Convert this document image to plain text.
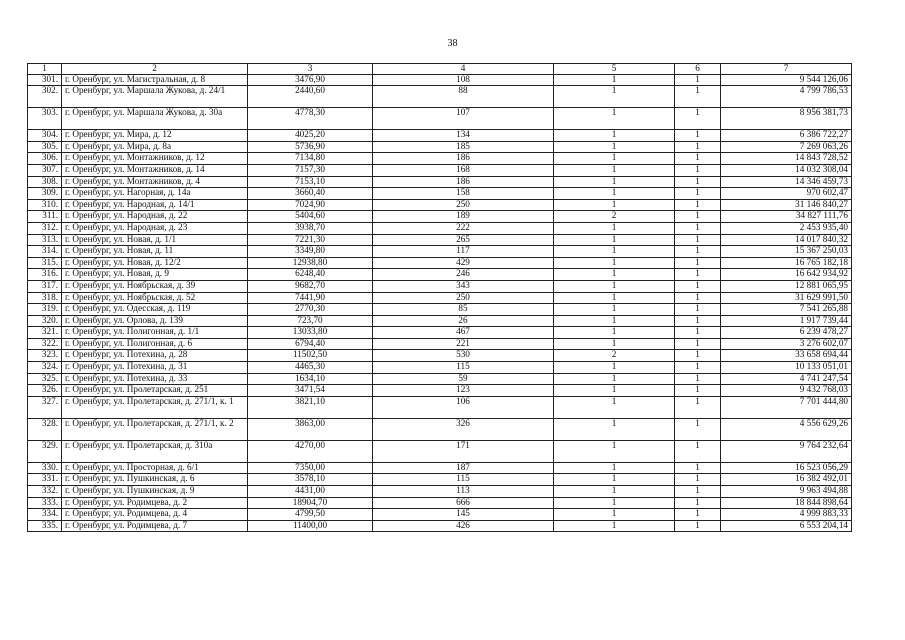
38
1	2	3	4	5	6	7
301.	г. Оренбург, ул. Магистральная, д. 8	3476,90	108	1	1	9 544 126,06
302.	г. Оренбург, ул. Маршала Жукова, д. 24/1	2440,60	88	1	1	4 799 786,53
303.	г. Оренбург, ул. Маршала Жукова, д. 30а	4778,30	107	1	1	8 956 381,73
304.	г. Оренбург, ул. Мира, д. 12	4025,20	134	1	1	6 386 722,27
305.	г. Оренбург, ул. Мира, д. 8а	5736,90	185	1	1	7 269 063,26
306.	г. Оренбург, ул. Монтажников, д. 12	7134,80	186	1	1	14 843 728,52
307.	г. Оренбург, ул. Монтажников, д. 14	7157,30	168	1	1	14 032 308,04
308.	г. Оренбург, ул. Монтажников, д. 4	7153,10	186	1	1	14 346 459,73
309.	г. Оренбург, ул. Нагорная, д. 14а	3660,40	158	1	1	970 602,47
310.	г. Оренбург, ул. Народная, д. 14/1	7024,90	250	1	1	31 146 840,27
311.	г. Оренбург, ул. Народная, д. 22	5404,60	189	2	1	34 827 111,76
312.	г. Оренбург, ул. Народная, д. 23	3938,70	222	1	1	2 453 935,40
313.	г. Оренбург, ул. Новая, д. 1/1	7221,30	265	1	1	14 017 840,32
314.	г. Оренбург, ул. Новая, д. 11	3349,80	117	1	1	15 367 250,03
315.	г. Оренбург, ул. Новая, д. 12/2	12938,80	429	1	1	16 765 182,18
316.	г. Оренбург, ул. Новая, д. 9	6248,40	246	1	1	16 642 934,92
317.	г. Оренбург, ул. Ноябрьская, д. 39	9682,70	343	1	1	12 881 065,95
318.	г. Оренбург, ул. Ноябрьская, д. 52	7441,90	250	1	1	31 629 991,50
319.	г. Оренбург, ул. Одесская, д. 119	2770,30	85	1	1	7 541 265,88
320.	г. Оренбург, ул. Орлова, д. 139	723,70	26	1	1	1 917 739,44
321.	г. Оренбург, ул. Полигонная, д. 1/1	13033,80	467	1	1	6 239 478,27
322.	г. Оренбург, ул. Полигонная, д. 6	6794,40	221	1	1	3 276 602,07
323.	г. Оренбург, ул. Потехина, д. 28	11502,50	530	2	1	33 658 694,44
324.	г. Оренбург, ул. Потехина, д. 31	4465,30	115	1	1	10 133 051,01
325.	г. Оренбург, ул. Потехина, д. 33	1634,10	59	1	1	4 741 247,54
326.	г. Оренбург, ул. Пролетарская, д. 251	3471,54	123	1	1	9 432 768,03
327.	г. Оренбург, ул. Пролетарская, д. 271/1, к. 1	3821,10	106	1	1	7 701 444,80
328.	г. Оренбург, ул. Пролетарская, д. 271/1, к. 2	3863,00	326	1	1	4 556 629,26
329.	г. Оренбург, ул. Пролетарская, д. 310а	4270,00	171	1	1	9 764 232,64
330.	г. Оренбург, ул. Просторная, д. 6/1	7350,00	187	1	1	16 523 056,29
331.	г. Оренбург, ул. Пушкинская, д. 6	3578,10	115	1	1	16 382 492,01
332.	г. Оренбург, ул. Пушкинская, д. 9	4431,00	113	1	1	9 963 494,88
333.	г. Оренбург, ул. Родимцева, д. 2	18904,70	666	1	1	18 844 898,64
334.	г. Оренбург, ул. Родимцева, д. 4	4799,50	145	1	1	4 999 883,33
335.	г. Оренбург, ул. Родимцева, д. 7	11400,00	426	1	1	6 553 204,14
